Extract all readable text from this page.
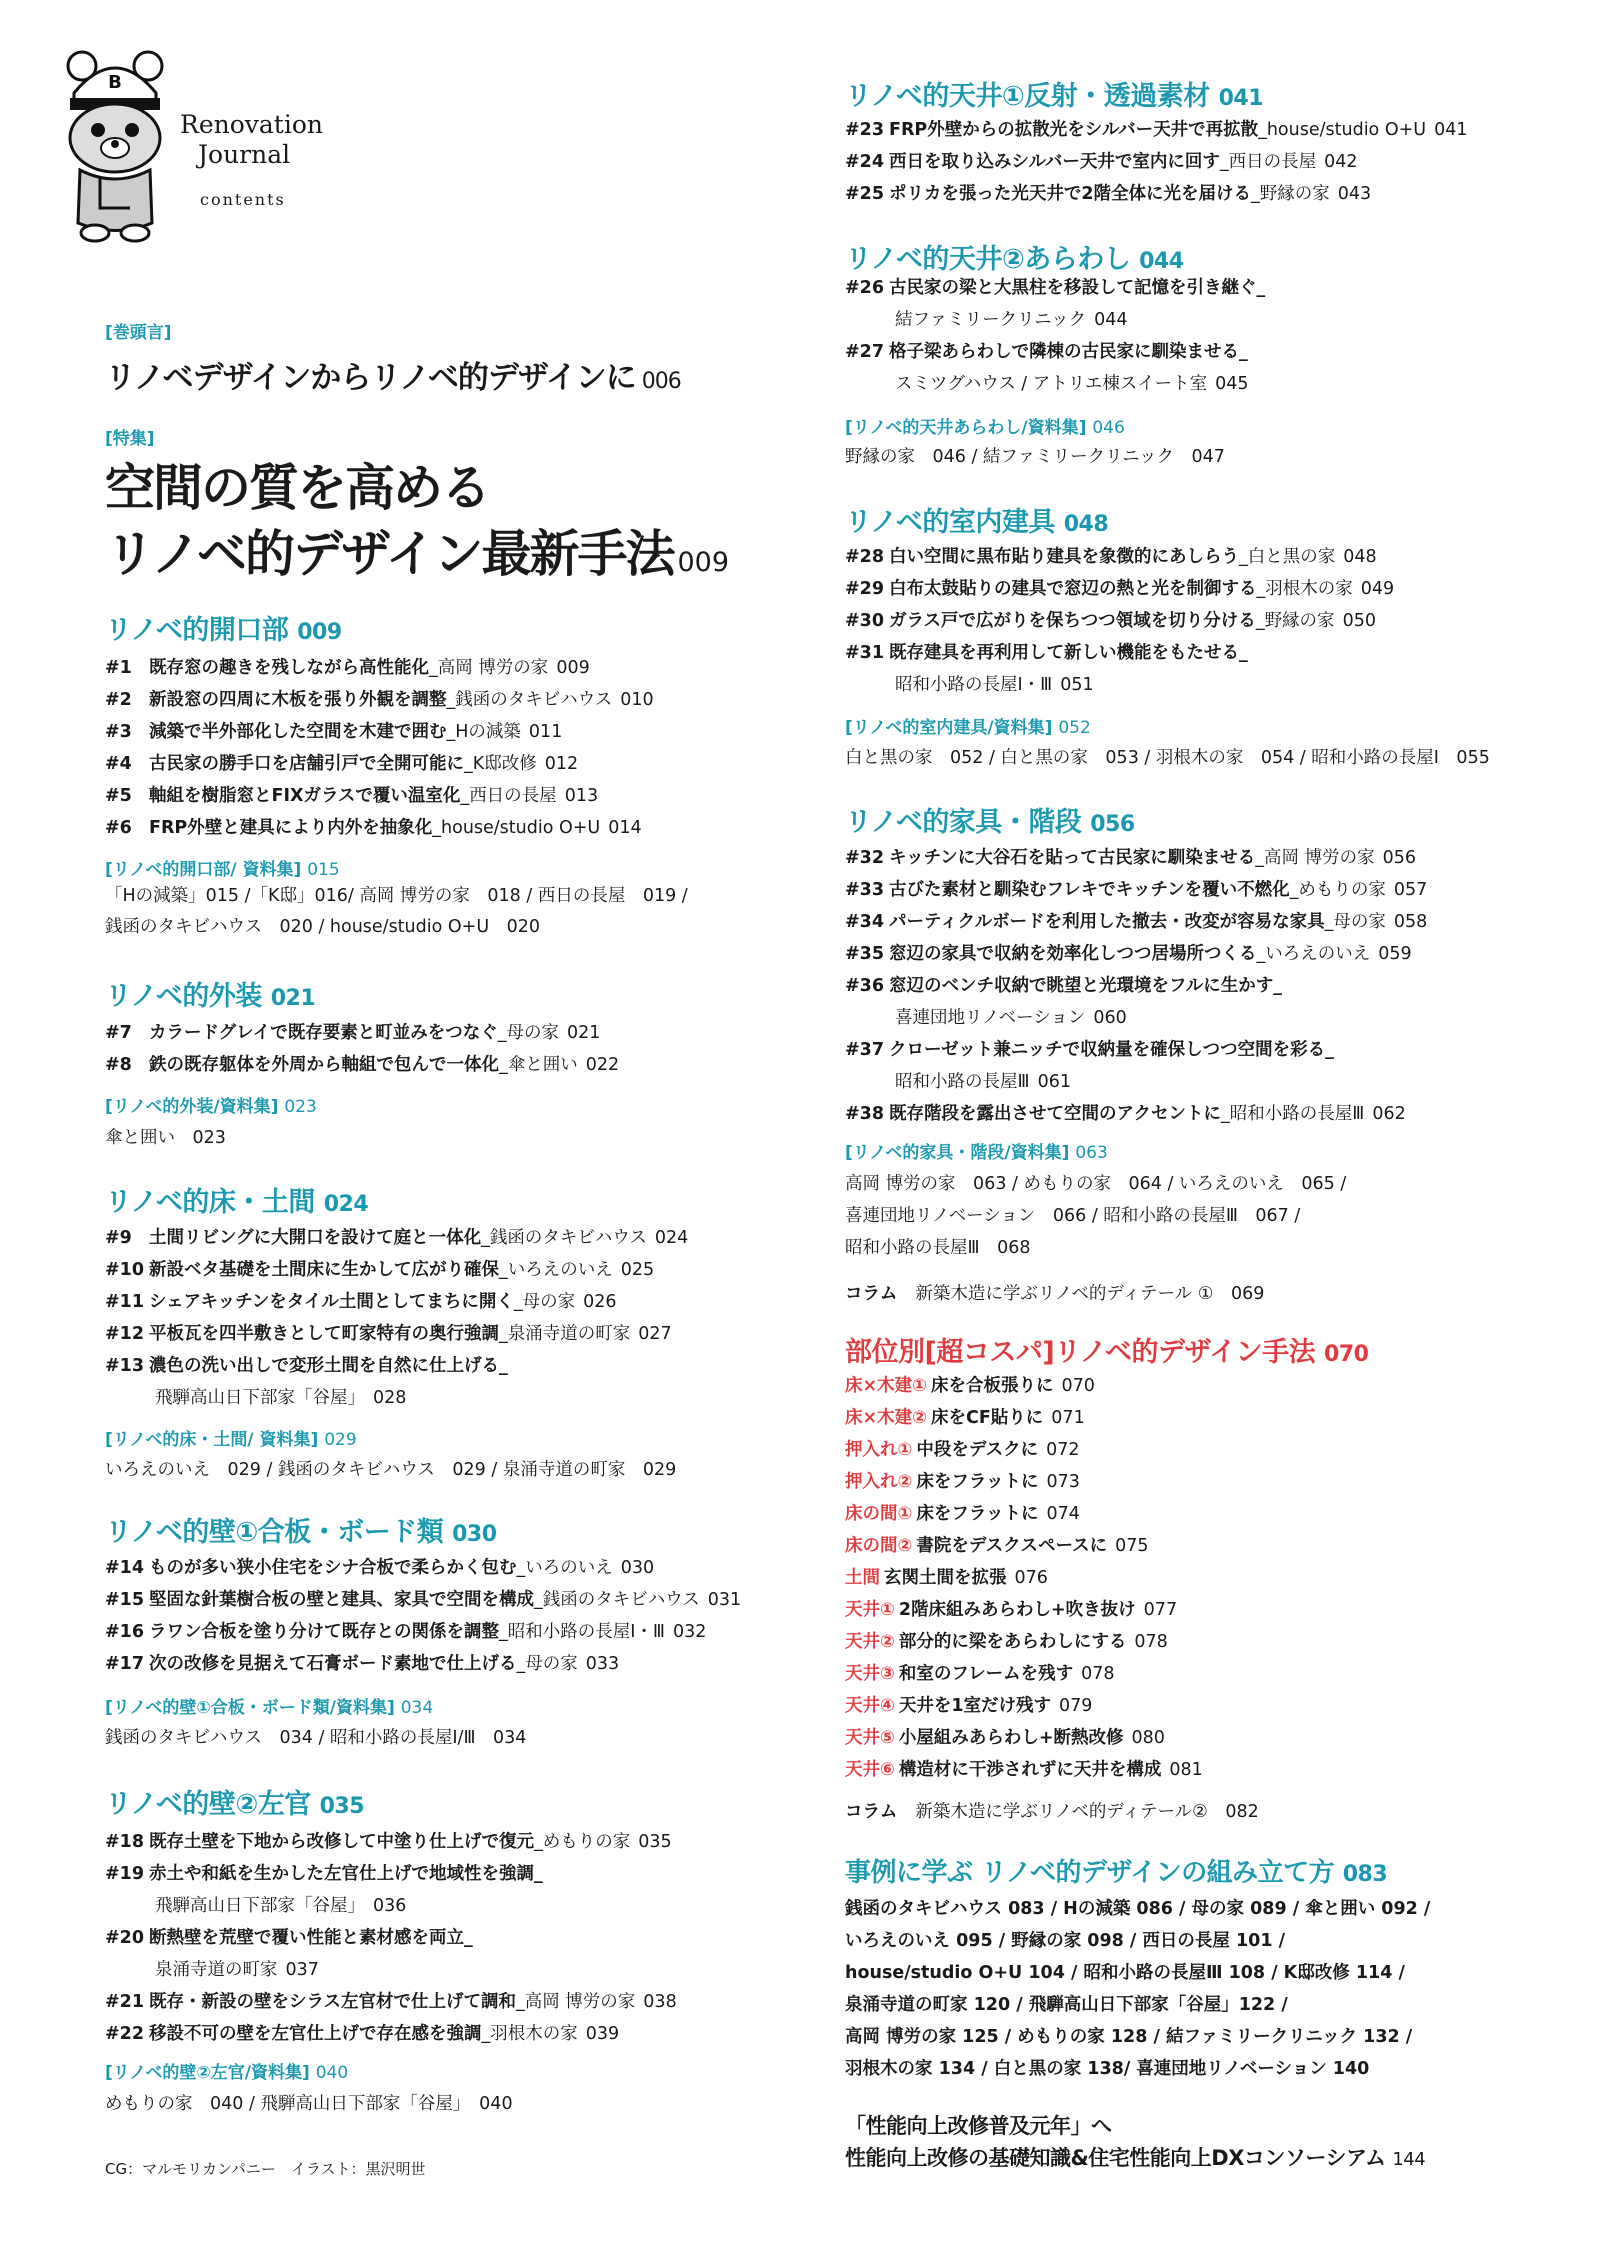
B
Renovation
Journal
contents
[巻頭言]
リノベデザインからリノベ的デザインに 006
[特集]
空間の質を高める
リノベ的デザイン最新手法 009
リノベ的開口部 009
#1 既存窓の趣きを残しながら高性能化 _高岡 博労の家 009
#2 新設窓の四周に木板を張り外観を調整 _銭函のタキビハウス 010
#3 減築で半外部化した空間を木建で囲む _Hの減築 011
#4 古民家の勝手口を店舗引戸で全開可能に _K邸改修 012
#5 軸組を樹脂窓とFIXガラスで覆い温室化 _西日の長屋 013
#6 FRP外壁と建具により内外を抽象化 _house/studio O+U 014
[リノベ的開口部/ 資料集] 015
「Hの減築」015 /「K邸」016/ 高岡 博労の家　018 / 西日の長屋　019 /
銭函のタキビハウス　020 / house/studio O+U　020
リノベ的外装 021
#7 カラードグレイで既存要素と町並みをつなぐ _母の家 021
#8 鉄の既存躯体を外周から軸組で包んで一体化 _傘と囲い 022
[リノベ的外装/資料集] 023
傘と囲い　023
リノベ的床・土間 024
#9 土間リビングに大開口を設けて庭と一体化 _銭函のタキビハウス 024
#10 新設ベタ基礎を土間床に生かして広がり確保 _いろえのいえ 025
#11 シェアキッチンをタイル土間としてまちに開く _母の家 026
#12 平板瓦を四半敷きとして町家特有の奥行強調 _泉涌寺道の町家 027
#13 濃色の洗い出しで変形土間を自然に仕上げる_
飛騨高山日下部家「谷屋」 028
[リノベ的床・土間/ 資料集] 029
いろえのいえ　029 / 銭函のタキビハウス　029 / 泉涌寺道の町家　029
リノベ的壁①合板・ボード類 030
#14 ものが多い狭小住宅をシナ合板で柔らかく包む _いろのいえ 030
#15 堅固な針葉樹合板の壁と建具、家具で空間を構成 _銭函のタキビハウス 031
#16 ラワン合板を塗り分けて既存との関係を調整 _昭和小路の長屋Ⅰ・Ⅲ 032
#17 次の改修を見据えて石膏ボード素地で仕上げる _母の家 033
[リノベ的壁①合板・ボード類/資料集] 034
銭函のタキビハウス　034 / 昭和小路の長屋Ⅰ/Ⅲ　034
リノベ的壁②左官 035
#18 既存土壁を下地から改修して中塗り仕上げで復元 _めもりの家 035
#19 赤土や和紙を生かした左官仕上げで地域性を強調_
飛騨高山日下部家「谷屋」 036
#20 断熱壁を荒壁で覆い性能と素材感を両立_
泉涌寺道の町家 037
#21 既存・新設の壁をシラス左官材で仕上げて調和 _高岡 博労の家 038
#22 移設不可の壁を左官仕上げで存在感を強調 _羽根木の家 039
[リノベ的壁②左官/資料集] 040
めもりの家　040 / 飛騨高山日下部家「谷屋」　040
CG：マルモリカンパニー　イラスト：黒沢明世
リノベ的天井①反射・透過素材 041
#23 FRP外壁からの拡散光をシルバー天井で再拡散 _house/studio O+U 041
#24 西日を取り込みシルバー天井で室内に回す _西日の長屋 042
#25 ポリカを張った光天井で2階全体に光を届ける _野縁の家 043
リノベ的天井②あらわし 044
#26 古民家の梁と大黒柱を移設して記憶を引き継ぐ_
結ファミリークリニック 044
#27 格子梁あらわしで隣棟の古民家に馴染ませる_
スミツグハウス / アトリエ棟スイート室 045
[リノベ的天井あらわし/資料集] 046
野縁の家　046 / 結ファミリークリニック　047
リノベ的室内建具 048
#28 白い空間に黒布貼り建具を象徴的にあしらう _白と黒の家 048
#29 白布太鼓貼りの建具で窓辺の熱と光を制御する _羽根木の家 049
#30 ガラス戸で広がりを保ちつつ領域を切り分ける _野縁の家 050
#31 既存建具を再利用して新しい機能をもたせる_
昭和小路の長屋Ⅰ・Ⅲ 051
[リノベ的室内建具/資料集] 052
白と黒の家　052 / 白と黒の家　053 / 羽根木の家　054 / 昭和小路の長屋Ⅰ　055
リノベ的家具・階段 056
#32 キッチンに大谷石を貼って古民家に馴染ませる _高岡 博労の家 056
#33 古びた素材と馴染むフレキでキッチンを覆い不燃化 _めもりの家 057
#34 パーティクルボードを利用した撤去・改変が容易な家具 _母の家 058
#35 窓辺の家具で収納を効率化しつつ居場所つくる _いろえのいえ 059
#36 窓辺のベンチ収納で眺望と光環境をフルに生かす_
喜連団地リノベーション 060
#37 クローゼット兼ニッチで収納量を確保しつつ空間を彩る_
昭和小路の長屋Ⅲ 061
#38 既存階段を露出させて空間のアクセントに _昭和小路の長屋Ⅲ 062
[リノベ的家具・階段/資料集] 063
高岡 博労の家　063 / めもりの家　064 / いろえのいえ　065 /
喜連団地リノベーション　066 / 昭和小路の長屋Ⅲ　067 /
昭和小路の長屋Ⅲ　068
コラム 新築木造に学ぶリノベ的ディテール ①　 069
部位別[超コスパ]リノベ的デザイン手法 070
床×木建① 床を合板張りに 070
床×木建② 床をCF貼りに 071
押入れ① 中段をデスクに 072
押入れ② 床をフラットに 073
床の間① 床をフラットに 074
床の間② 書院をデスクスペースに 075
土間 玄関土間を拡張 076
天井① 2階床組みあらわし+吹き抜け 077
天井② 部分的に梁をあらわしにする 078
天井③ 和室のフレームを残す 078
天井④ 天井を1室だけ残す 079
天井⑤ 小屋組みあらわし+断熱改修 080
天井⑥ 構造材に干渉されずに天井を構成 081
コラム 新築木造に学ぶリノベ的ディテール②　 082
事例に学ぶ リノベ的デザインの組み立て方 083
銭函のタキビハウス 083 / Hの減築 086 / 母の家 089 / 傘と囲い 092 /
いろえのいえ 095 / 野縁の家 098 / 西日の長屋 101 /
house/studio O+U 104 / 昭和小路の長屋Ⅲ 108 / K邸改修 114 /
泉涌寺道の町家 120 / 飛騨高山日下部家「谷屋」122 /
高岡 博労の家 125 / めもりの家 128 / 結ファミリークリニック 132 /
羽根木の家 134 / 白と黒の家 138/ 喜連団地リノベーション 140
「性能向上改修普及元年」へ
性能向上改修の基礎知識&住宅性能向上DXコンソーシアム 144
